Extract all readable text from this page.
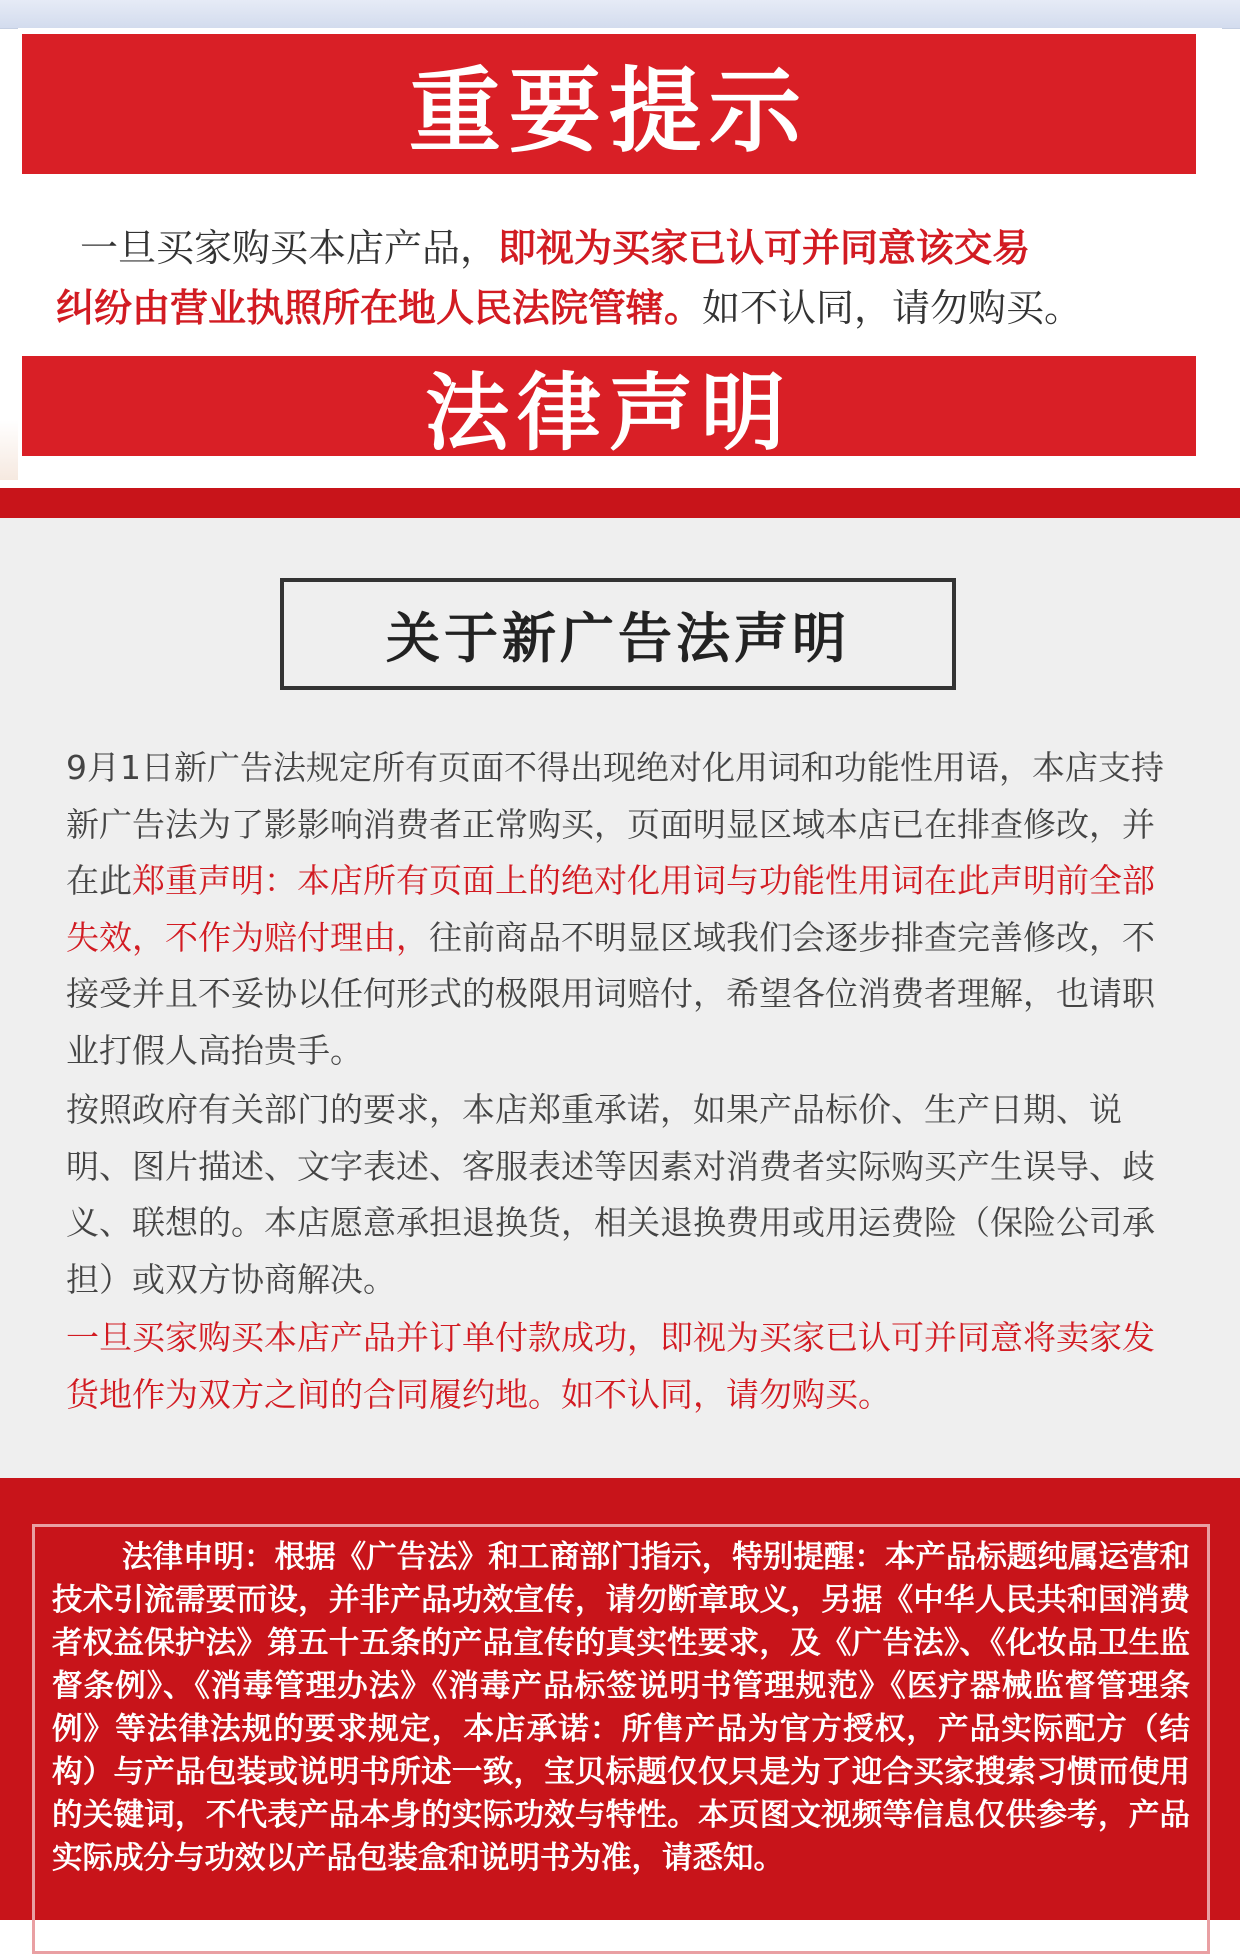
重要提示
一旦买家购买本店产品，即视为买家已认可并同意该交易
纠纷由营业执照所在地人民法院管辖。如不认同，请勿购买。
法律声明
关于新广告法声明

9月1日新广告法规定所有页面不得出现绝对化用词和功能性用语，本店支持新广告法为了影影响消费者正常购买，页面明显区域本店已在排查修改，并在此郑重声明：本店所有页面上的绝对化用词与功能性用词在此声明前全部失效，不作为赔付理由，往前商品不明显区域我们会逐步排查完善修改，不接受并且不妥协以任何形式的极限用词赔付，希望各位消费者理解，也请职业打假人高抬贵手。

按照政府有关部门的要求，本店郑重承诺，如果产品标价、生产日期、说明、图片描述、文字表述、客服表述等因素对消费者实际购买产生误导、歧义、联想的。本店愿意承担退换货，相关退换费用或用运费险（保险公司承担）或双方协商解决。

一旦买家购买本店产品并订单付款成功，即视为买家已认可并同意将卖家发货地作为双方之间的合同履约地。如不认同，请勿购买。

法律申明：根据《广告法》和工商部门指示，特别提醒：本产品标题纯属运营和技术引流需要而设，并非产品功效宣传，请勿断章取义，另据《中华人民共和国消费者权益保护法》第五十五条的产品宣传的真实性要求，及《广告法》、《化妆品卫生监督条例》、《消毒管理办法》《消毒产品标签说明书管理规范》《医疗器械监督管理条例》等法律法规的要求规定，本店承诺：所售产品为官方授权，产品实际配方（结构）与产品包装或说明书所述一致，宝贝标题仅仅只是为了迎合买家搜索习惯而使用的关键词，不代表产品本身的实际功效与特性。本页图文视频等信息仅供参考，产品实际成分与功效以产品包装盒和说明书为准，请悉知。
